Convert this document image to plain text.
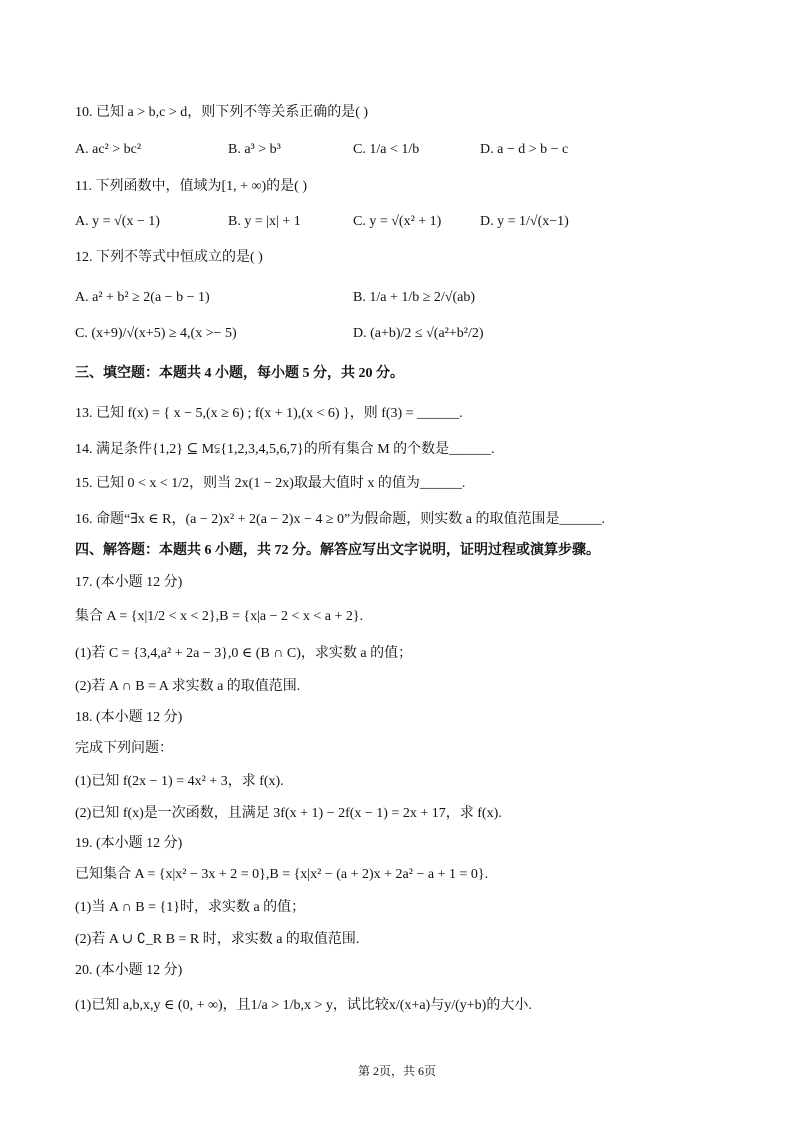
10. 已知 a > b,c > d，则下列不等关系正确的是( )
A. ac² > bc²	B. a³ > b³	C. 1/a < 1/b	D. a − d > b − c
11. 下列函数中，值域为[1, + ∞)的是( )
A. y = √(x − 1)	B. y = |x| + 1	C. y = √(x² + 1)	D. y = 1/√(x−1)
12. 下列不等式中恒成立的是( )
A. a² + b² ≥ 2(a − b − 1)	B. 1/a + 1/b ≥ 2/√(ab)
C. (x+9)/√(x+5) ≥ 4,(x >− 5)	D. (a+b)/2 ≤ √(a²+b²/2)
三、填空题：本题共 4 小题，每小题 5 分，共 20 分。
13. 已知 f(x) = { x − 5,(x ≥ 6) ; f(x + 1),(x < 6) }，则 f(3) = ______.
14. 满足条件{1,2} ⊆ M⫋{1,2,3,4,5,6,7}的所有集合 M 的个数是______.
15. 已知 0 < x < 1/2，则当 2x(1 − 2x)取最大值时 x 的值为______.
16. 命题“∃x ∈ R，(a − 2)x² + 2(a − 2)x − 4 ≥ 0”为假命题，则实数 a 的取值范围是______.
四、解答题：本题共 6 小题，共 72 分。解答应写出文字说明，证明过程或演算步骤。
17. (本小题 12 分)
集合 A = {x|1/2 < x < 2},B = {x|a − 2 < x < a + 2}.
(1)若 C = {3,4,a² + 2a − 3},0 ∈ (B ∩ C)，求实数 a 的值；
(2)若 A ∩ B = A 求实数 a 的取值范围.
18. (本小题 12 分)
完成下列问题：
(1)已知 f(2x − 1) = 4x² + 3，求 f(x).
(2)已知 f(x)是一次函数，且满足 3f(x + 1) − 2f(x − 1) = 2x + 17，求 f(x).
19. (本小题 12 分)
已知集合 A = {x|x² − 3x + 2 = 0},B = {x|x² − (a + 2)x + 2a² − a + 1 = 0}.
(1)当 A ∩ B = {1}时，求实数 a 的值；
(2)若 A ∪ ∁_R B = R 时，求实数 a 的取值范围.
20. (本小题 12 分)
(1)已知 a,b,x,y ∈ (0, + ∞)，且1/a > 1/b,x > y，试比较x/(x+a)与y/(y+b)的大小.
第 2页，共 6页
